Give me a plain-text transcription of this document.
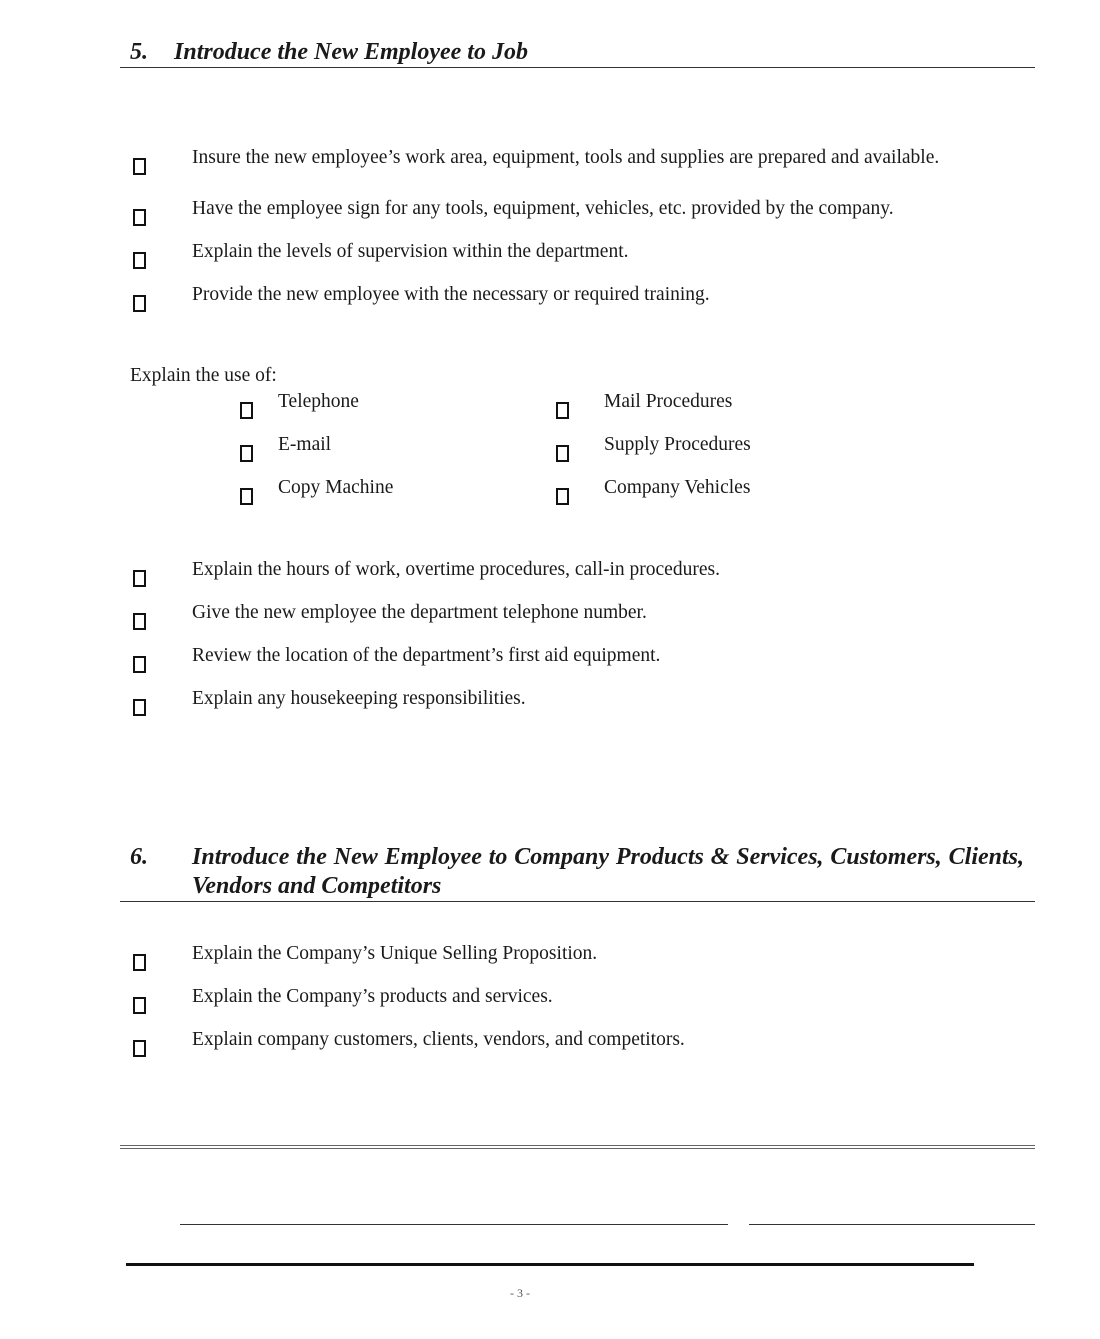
5. Introduce the New Employee to Job
Insure the new employee’s work area, equipment, tools and supplies are prepared and available.
Have the employee sign for any tools, equipment, vehicles, etc. provided by the company.
Explain the levels of supervision within the department.
Provide the new employee with the necessary or required training.
Explain the use of:
Telephone
E-mail
Copy Machine
Mail Procedures
Supply Procedures
Company Vehicles
Explain the hours of work, overtime procedures, call-in procedures.
Give the new employee the department telephone number.
Review the location of the department’s first aid equipment.
Explain any housekeeping responsibilities.
6. Introduce the New Employee to Company Products & Services, Customers, Clients, Vendors and Competitors
Explain the Company’s Unique Selling Proposition.
Explain the Company’s products and services.
Explain company customers, clients, vendors, and competitors.
- 3 -
